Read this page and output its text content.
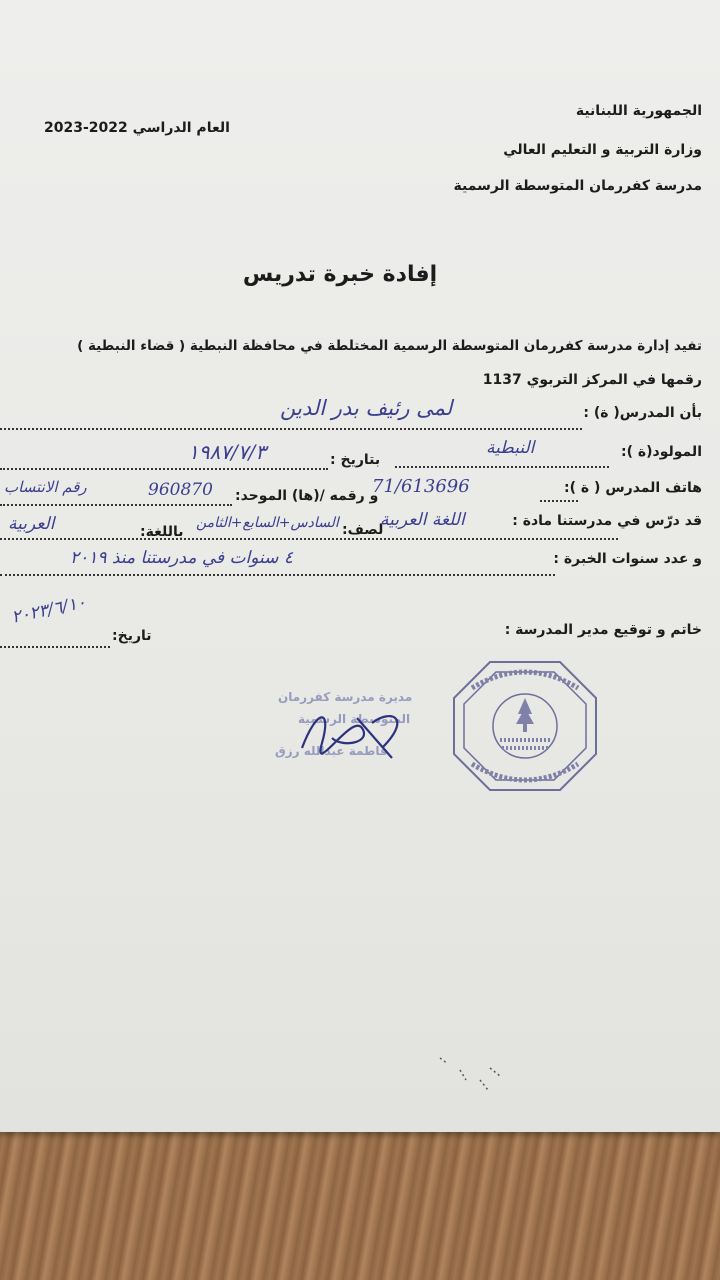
الجمهورية اللبنانية
وزارة التربية و التعليم العالي
مدرسة كفررمان المتوسطة الرسمية
العام الدراسي 2022-2023
إفادة خبرة تدريس
تفيد إدارة مدرسة كفررمان المتوسطة الرسمية المختلطة في محافظة النبطية ( قضاء النبطية )
رقمها في المركز التربوي 1137
بأن المدرس( ة) :
لمى رئيف بدر الدين
المولود(ة ):
النبطية
بتاريخ :
١٩٨٧/٧/٣
هاتف المدرس ( ة ):
71/613696
و رقمه /(ها) الموحد:
960870
رقم الانتساب
قد درّس في مدرستنا مادة :
اللغة العربية
لصف:
السادس+السابع+الثامن
باللغة:
العربية
و عدد سنوات الخبرة :
٤ سنوات في مدرستنا منذ ٢٠١٩
خاتم و توقيع مدير المدرسة :
تاريخ:
٢٠٢٣/٦/١٠
مديرة مدرسة كفررمان
المتوسطة الرسمية
فاطمة عبدالله رزق
